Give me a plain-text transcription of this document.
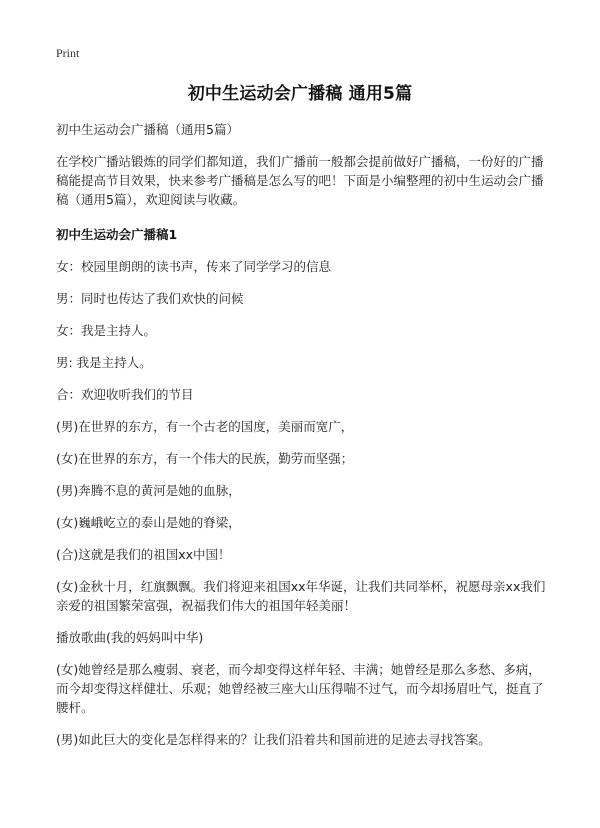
Print
初中生运动会广播稿 通用5篇

初中生运动会广播稿（通用5篇）

在学校广播站锻炼的同学们都知道，我们广播前一般都会提前做好广播稿，一份好的广播稿能提高节目效果，快来参考广播稿是怎么写的吧！下面是小编整理的初中生运动会广播稿（通用5篇），欢迎阅读与收藏。

初中生运动会广播稿1

女：校园里朗朗的读书声，传来了同学学习的信息

男：同时也传达了我们欢快的问候

女：我是主持人。

男: 我是主持人。

合：欢迎收听我们的节目

(男)在世界的东方，有一个古老的国度，美丽而宽广，

(女)在世界的东方，有一个伟大的民族，勤劳而坚强；

(男)奔腾不息的黄河是她的血脉，

(女)巍峨屹立的泰山是她的脊梁，

(合)这就是我们的祖国xx中国！

(女)金秋十月，红旗飘飘。我们将迎来祖国xx年华诞，让我们共同举杯，祝愿母亲xx我们亲爱的祖国繁荣富强，祝福我们伟大的祖国年轻美丽！

播放歌曲(我的妈妈叫中华)

(女)她曾经是那么瘦弱、衰老，而今却变得这样年轻、丰满；她曾经是那么多愁、多病，而今却变得这样健壮、乐观；她曾经被三座大山压得喘不过气，而今却扬眉吐气，挺直了腰杆。

(男)如此巨大的变化是怎样得来的？让我们沿着共和国前进的足迹去寻找答案。
